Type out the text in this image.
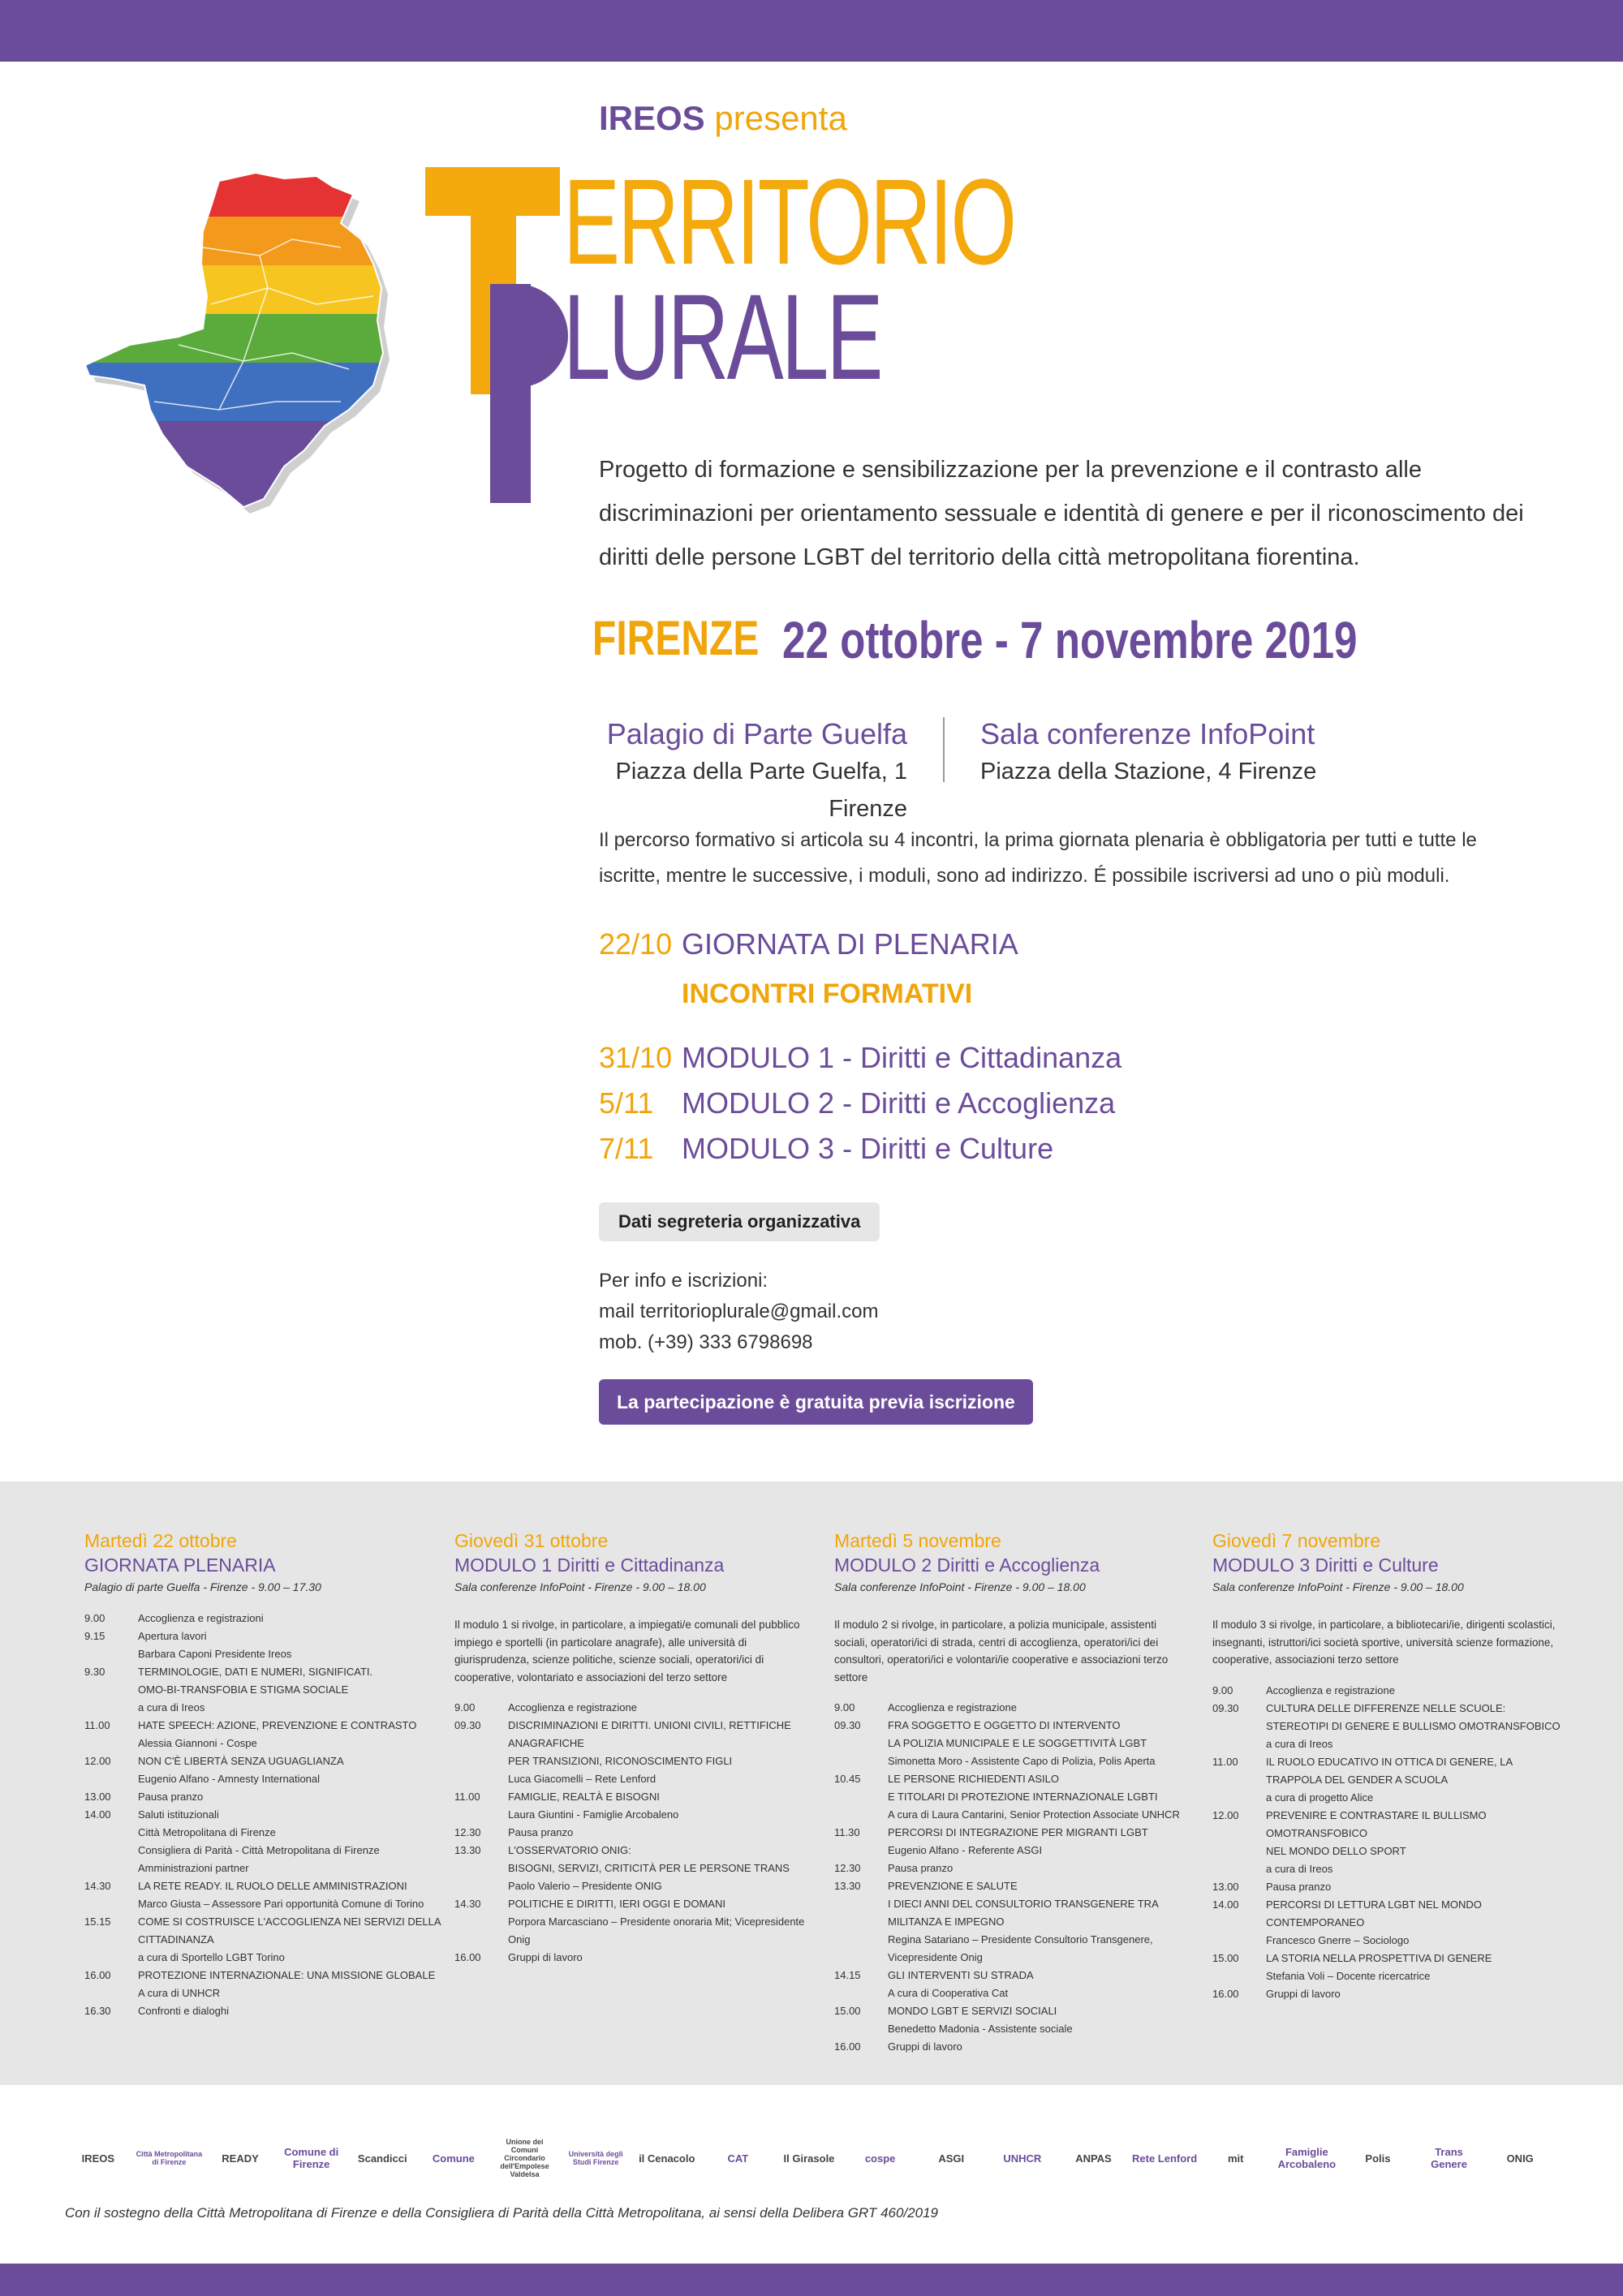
IREOS presenta
ERRITORIO
LURALE
Progetto di formazione e sensibilizzazione per la prevenzione e il contrasto alle discriminazioni per orientamento sessuale e identità di genere e per il riconoscimento dei diritti delle persone LGBT del territorio della città metropolitana fiorentina.
FIRENZE 22 ottobre - 7 novembre 2019
Palagio di Parte Guelfa
Piazza della Parte Guelfa, 1 Firenze
Sala conferenze InfoPoint
Piazza della Stazione, 4 Firenze
Il percorso formativo si articola su 4 incontri, la prima giornata plenaria è obbligatoria per tutti e tutte le iscritte, mentre le successive, i moduli, sono ad indirizzo. É possibile iscriversi ad uno o più moduli.
22/10 GIORNATA DI PLENARIA
INCONTRI FORMATIVI
31/10 MODULO 1 - Diritti e Cittadinanza
5/11 MODULO 2 - Diritti e Accoglienza
7/11 MODULO 3 - Diritti e Culture
Dati segreteria organizzativa
Per info e iscrizioni:
mail territorioplurale@gmail.com
mob. (+39) 333 6798698
La partecipazione è gratuita previa iscrizione
Martedì 22 ottobre
GIORNATA PLENARIA
Palagio di parte Guelfa - Firenze - 9.00 – 17.30
9.00	Accoglienza e registrazioni
9.15	Apertura lavori
Barbara Caponi Presidente Ireos
9.30	TERMINOLOGIE, DATI E NUMERI, SIGNIFICATI.
OMO-BI-TRANSFOBIA E STIGMA SOCIALE
a cura di Ireos
11.00	HATE SPEECH: AZIONE, PREVENZIONE E CONTRASTO
Alessia Giannoni - Cospe
12.00	NON C'È LIBERTÀ SENZA UGUAGLIANZA
Eugenio Alfano - Amnesty International
13.00	Pausa pranzo
14.00	Saluti istituzionali
Città Metropolitana di Firenze
Consigliera di Parità - Città Metropolitana di Firenze
Amministrazioni partner
14.30	LA RETE READY. IL RUOLO DELLE AMMINISTRAZIONI
Marco Giusta – Assessore Pari opportunità Comune di Torino
15.15	COME SI COSTRUISCE L'ACCOGLIENZA NEI SERVIZI DELLA CITTADINANZA
a cura di Sportello LGBT Torino
16.00	PROTEZIONE INTERNAZIONALE: UNA MISSIONE GLOBALE
A cura di UNHCR
16.30	Confronti e dialoghi
Giovedì 31 ottobre
MODULO 1 Diritti e Cittadinanza
Sala conferenze InfoPoint - Firenze - 9.00 – 18.00
Il modulo 1 si rivolge, in particolare, a impiegati/e comunali del pubblico impiego e sportelli (in particolare anagrafe), alle università di giurisprudenza, scienze politiche, scienze sociali, operatori/ici di cooperative, volontariato e associazioni del terzo settore
9.00	Accoglienza e registrazione
09.30	DISCRIMINAZIONI E DIRITTI. UNIONI CIVILI, RETTIFICHE ANAGRAFICHE
PER TRANSIZIONI, RICONOSCIMENTO FIGLI
Luca Giacomelli – Rete Lenford
11.00	FAMIGLIE, REALTÀ E BISOGNI
Laura Giuntini - Famiglie Arcobaleno
12.30	Pausa pranzo
13.30	L'OSSERVATORIO ONIG:
BISOGNI, SERVIZI, CRITICITÀ PER LE PERSONE TRANS
Paolo Valerio – Presidente ONIG
14.30	POLITICHE E DIRITTI, IERI OGGI E DOMANI
Porpora Marcasciano – Presidente onoraria Mit; Vicepresidente Onig
16.00	Gruppi di lavoro
Martedì 5 novembre
MODULO 2 Diritti e Accoglienza
Sala conferenze InfoPoint - Firenze - 9.00 – 18.00
Il modulo 2 si rivolge, in particolare, a polizia municipale, assistenti sociali, operatori/ici di strada, centri di accoglienza, operatori/ici dei consultori, operatori/ici e volontari/ie cooperative e associazioni terzo settore
9.00	Accoglienza e registrazione
09.30	FRA SOGGETTO E OGGETTO DI INTERVENTO
LA POLIZIA MUNICIPALE E LE SOGGETTIVITÀ LGBT
Simonetta Moro - Assistente Capo di Polizia, Polis Aperta
10.45	LE PERSONE RICHIEDENTI ASILO
E TITOLARI DI PROTEZIONE INTERNAZIONALE LGBTI
A cura di Laura Cantarini, Senior Protection Associate UNHCR
11.30	PERCORSI DI INTEGRAZIONE PER MIGRANTI LGBT
Eugenio Alfano - Referente ASGI
12.30	Pausa pranzo
13.30	PREVENZIONE E SALUTE
I DIECI ANNI DEL CONSULTORIO TRANSGENERE TRA MILITANZA E IMPEGNO
Regina Satariano – Presidente Consultorio Transgenere,
Vicepresidente Onig
14.15	GLI INTERVENTI SU STRADA
A cura di Cooperativa Cat
15.00	MONDO LGBT E SERVIZI SOCIALI
Benedetto Madonia - Assistente sociale
16.00	Gruppi di lavoro
Giovedì 7 novembre
MODULO 3 Diritti e Culture
Sala conferenze InfoPoint - Firenze - 9.00 – 18.00
Il modulo 3 si rivolge, in particolare, a bibliotecari/ie, dirigenti scolastici, insegnanti, istruttori/ici società sportive, università scienze formazione, cooperative, associazioni terzo settore
9.00	Accoglienza e registrazione
09.30	CULTURA DELLE DIFFERENZE NELLE SCUOLE:
STEREOTIPI DI GENERE E BULLISMO OMOTRANSFOBICO
a cura di Ireos
11.00	IL RUOLO EDUCATIVO IN OTTICA DI GENERE, LA TRAPPOLA DEL GENDER A SCUOLA
a cura di progetto Alice
12.00	PREVENIRE E CONTRASTARE IL BULLISMO OMOTRANSFOBICO
NEL MONDO DELLO SPORT
a cura di Ireos
13.00	Pausa pranzo
14.00	PERCORSI DI LETTURA LGBT NEL MONDO CONTEMPORANEO
Francesco Gnerre – Sociologo
15.00	LA STORIA NELLA PROSPETTIVA DI GENERE
Stefania Voli – Docente ricercatrice
16.00	Gruppi di lavoro
IREOS	Città Metropolitana di Firenze	READY	Comune di Firenze	Scandicci	Comune
Unione dei Comuni Circondario dell'Empolese Valdelsa
Università degli Studi Firenze	il Cenacolo	CAT	Il Girasole	cospe	ASGI	UNHCR	ANPAS	Rete Lenford	mit	Famiglie Arcobaleno	Polis	Trans Genere	ONIG
Con il sostegno della Città Metropolitana di Firenze e della Consigliera di Parità della Città Metropolitana, ai sensi della Delibera GRT 460/2019
